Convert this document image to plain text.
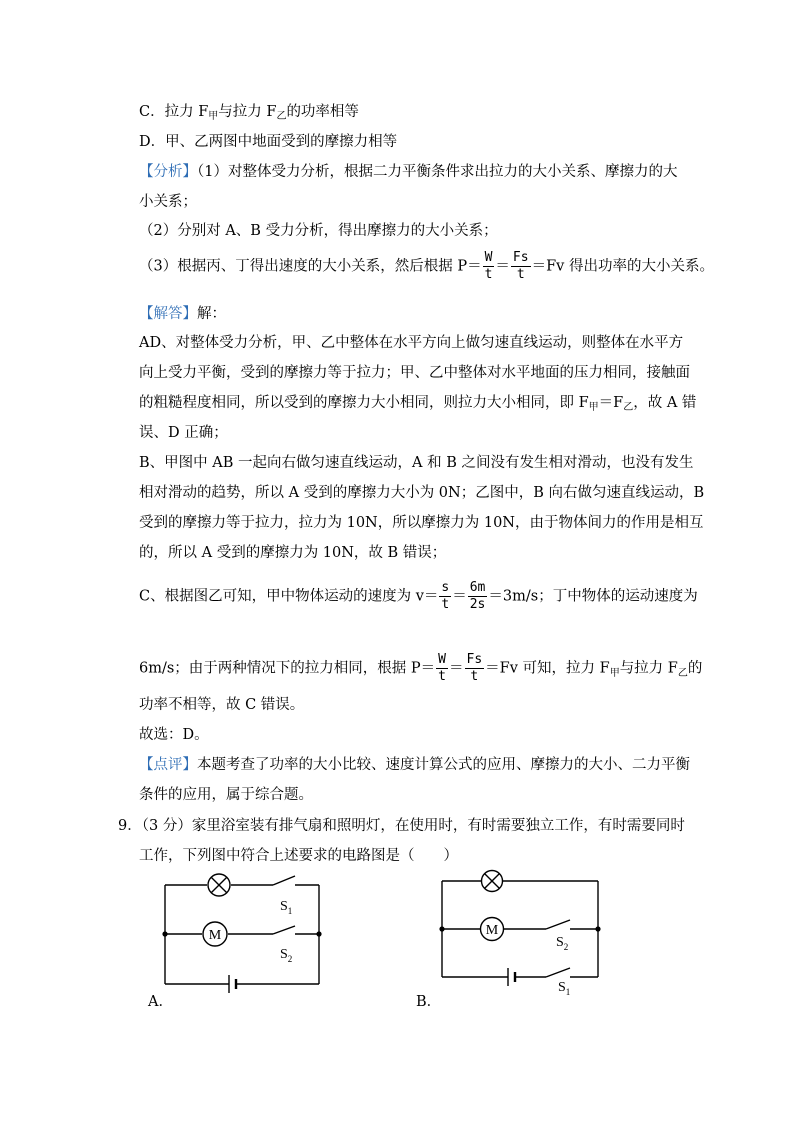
C．拉力 $F_甲$与拉力 $F_乙$的功率相等
D．甲、乙两图中地面受到的摩擦力相等
【分析】（1）对整体受力分析，根据二力平衡条件求出拉力的大小关系、摩擦力的大
小关系；
（2）分别对 A、B 受力分析，得出摩擦力的大小关系；
（3）根据丙、丁得出速度的大小关系，然后根据 $P= \frac{W}{t} = \frac{Fs}{t} =Fv$ 得出功率的大小关系。
【解答】解：
AD、对整体受力分析，甲、乙中整体在水平方向上做匀速直线运动，则整体在水平方
向上受力平衡，受到的摩擦力等于拉力；甲、乙中整体对水平地面的压力相同，接触面
的粗糙程度相同，所以受到的摩擦力大小相同，则拉力大小相同，即 $F_甲=F_乙$，故 A 错
误、D 正确；
B、甲图中 AB 一起向右做匀速直线运动，A 和 B 之间没有发生相对滑动，也没有发生
相对滑动的趋势，所以 A 受到的摩擦力大小为 0N；乙图中，B 向右做匀速直线运动，B
受到的摩擦力等于拉力，拉力为 10N，所以摩擦力为 10N，由于物体间力的作用是相互
的，所以 A 受到的摩擦力为 10N，故 B 错误；
C、根据图乙可知，甲中物体运动的速度为 $v= \frac{s}{t} = \frac{6m}{2s} =3m/s$；丁中物体的运动速度为
6m/s；由于两种情况下的拉力相同，根据 $P= \frac{W}{t} = \frac{Fs}{t} =Fv$ 可知，拉力 $F_甲$与拉力 $F_乙$的
功率不相等，故 C 错误。
故选：D。
【点评】本题考查了功率的大小比较、速度计算公式的应用、摩擦力的大小、二力平衡
条件的应用，属于综合题。
9．（3 分）家里浴室装有排气扇和照明灯，在使用时，有时需要独立工作，有时需要同时
工作，下列图中符合上述要求的电路图是（　　）
M
$S_1$
$S_2$
A．
M
$S_2$
$S_1$
B．
